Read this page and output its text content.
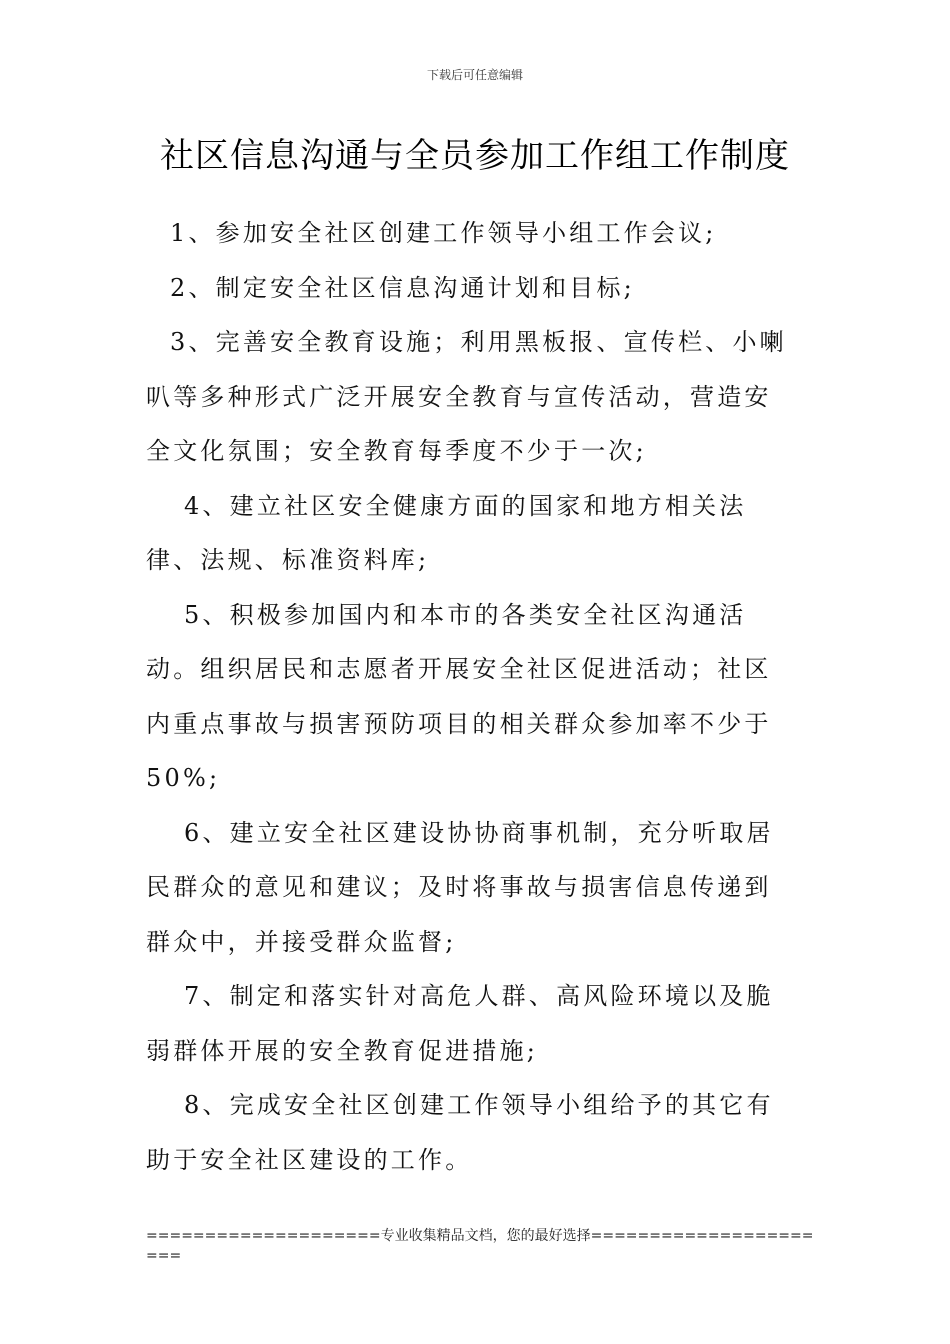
下载后可任意编辑
社区信息沟通与全员参加工作组工作制度

1、参加安全社区创建工作领导小组工作会议;

2、制定安全社区信息沟通计划和目标;

3、完善安全教育设施；利用黑板报、宣传栏、小喇叭等多种形式广泛开展安全教育与宣传活动，营造安全文化氛围；安全教育每季度不少于一次;

4、建立社区安全健康方面的国家和地方相关法律、法规、标准资料库;

5、积极参加国内和本市的各类安全社区沟通活动。组织居民和志愿者开展安全社区促进活动；社区内重点事故与损害预防项目的相关群众参加率不少于50%;

6、建立安全社区建设协协商事机制，充分听取居民群众的意见和建议；及时将事故与损害信息传递到群众中，并接受群众监督;

7、制定和落实针对高危人群、高风险环境以及脆弱群体开展的安全教育促进措施;

8、完成安全社区创建工作领导小组给予的其它有助于安全社区建设的工作。

====================专业收集精品文档，您的最好选择======================
